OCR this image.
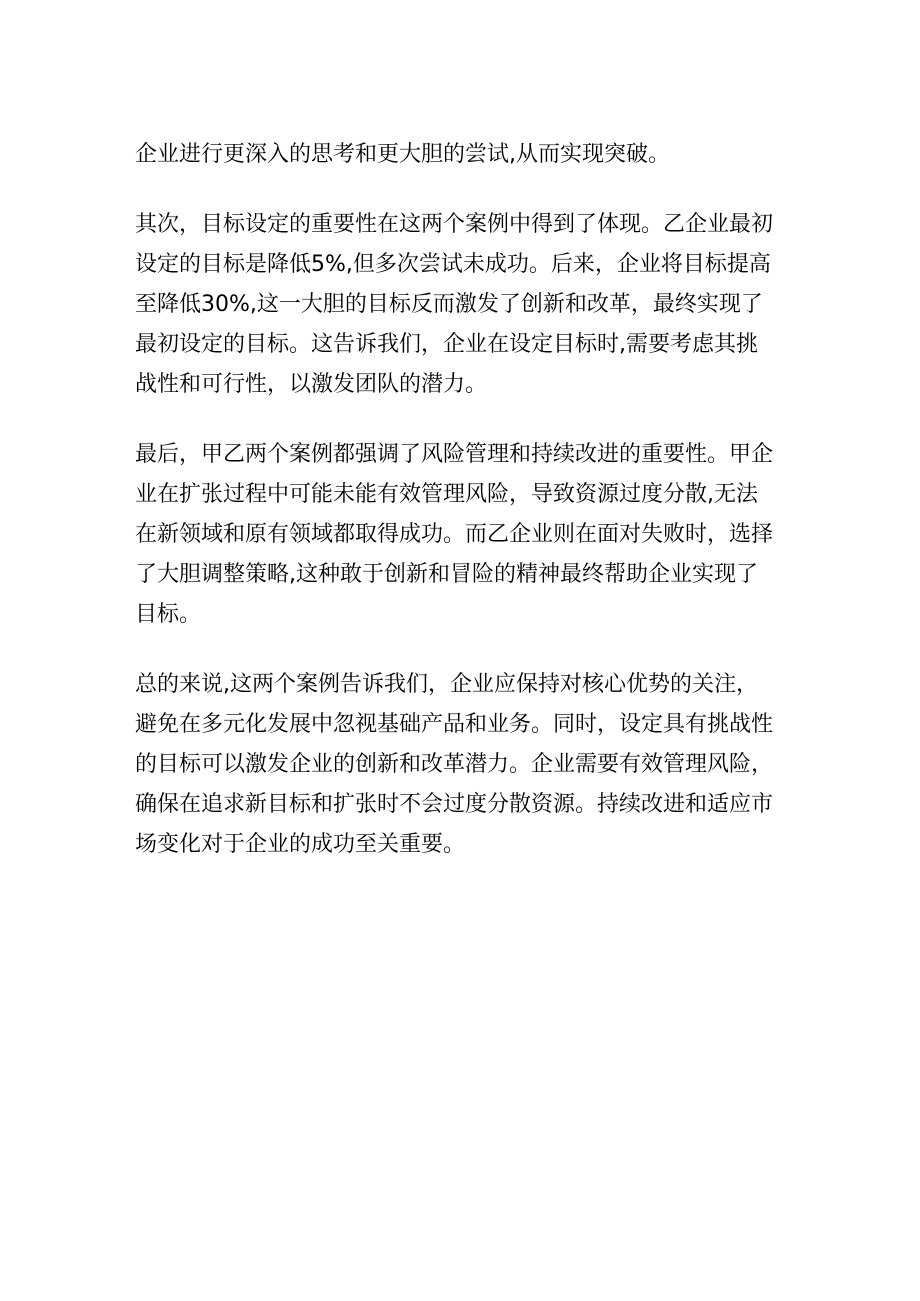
企业进行更深入的思考和更大胆的尝试,从而实现突破。

其次，目标设定的重要性在这两个案例中得到了体现。乙企业最初
设定的目标是降低5%,但多次尝试未成功。后来，企业将目标提高
至降低30%,这一大胆的目标反而激发了创新和改革，最终实现了
最初设定的目标。这告诉我们，企业在设定目标时,需要考虑其挑
战性和可行性，以激发团队的潜力。

最后，甲乙两个案例都强调了风险管理和持续改进的重要性。甲企
业在扩张过程中可能未能有效管理风险，导致资源过度分散,无法
在新领域和原有领域都取得成功。而乙企业则在面对失败时，选择
了大胆调整策略,这种敢于创新和冒险的精神最终帮助企业实现了
目标。

总的来说,这两个案例告诉我们，企业应保持对核心优势的关注，
避免在多元化发展中忽视基础产品和业务。同时，设定具有挑战性
的目标可以激发企业的创新和改革潜力。企业需要有效管理风险，
确保在追求新目标和扩张时不会过度分散资源。持续改进和适应市
场变化对于企业的成功至关重要。
